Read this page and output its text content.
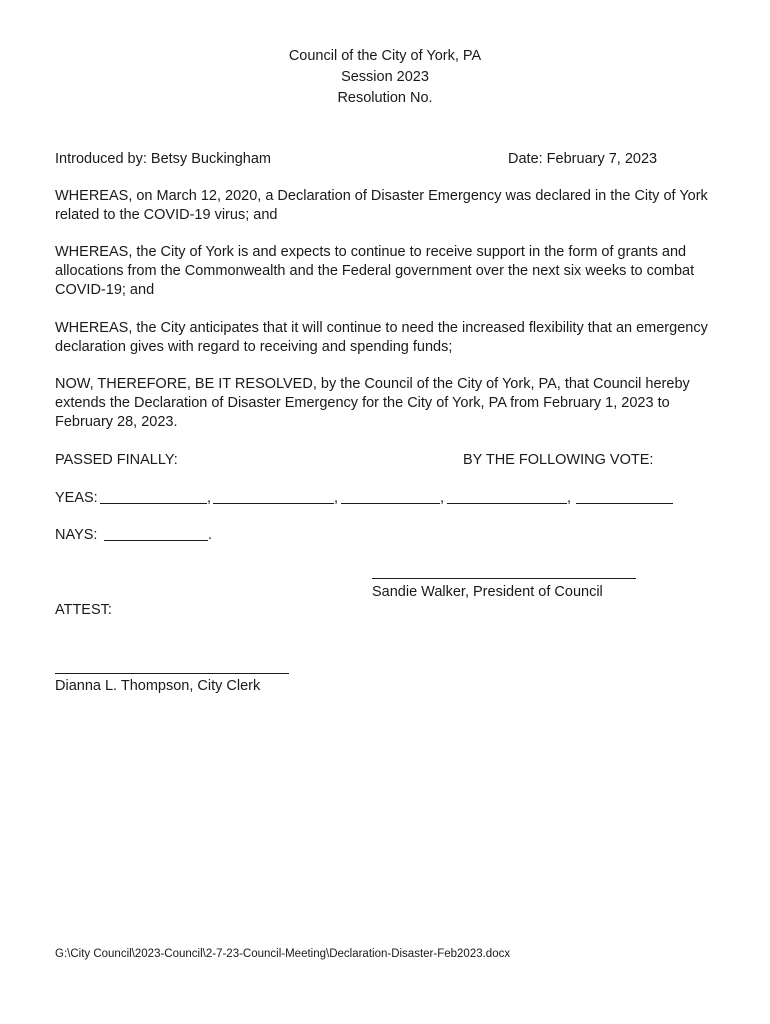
Council of the City of York, PA
Session 2023
Resolution No.
Introduced by: Betsy Buckingham	Date: February 7, 2023
WHEREAS, on March 12, 2020, a Declaration of Disaster Emergency was declared in the City of York related to the COVID-19 virus; and
WHEREAS, the City of York is and expects to continue to receive support in the form of grants and allocations from the Commonwealth and the Federal government over the next six weeks to combat COVID-19; and
WHEREAS, the City anticipates that it will continue to need the increased flexibility that an emergency declaration gives with regard to receiving and spending funds;
NOW, THEREFORE, BE IT RESOLVED, by the Council of the City of York, PA, that Council hereby extends the Declaration of Disaster Emergency for the City of York, PA from February 1, 2023 to February 28, 2023.
PASSED FINALLY:	BY THE FOLLOWING VOTE:
YEAS:	,	,	,	,
NAYS:	.
Sandie Walker, President of Council
ATTEST:
Dianna L. Thompson, City Clerk
G:\City Council\2023-Council\2-7-23-Council-Meeting\Declaration-Disaster-Feb2023.docx
